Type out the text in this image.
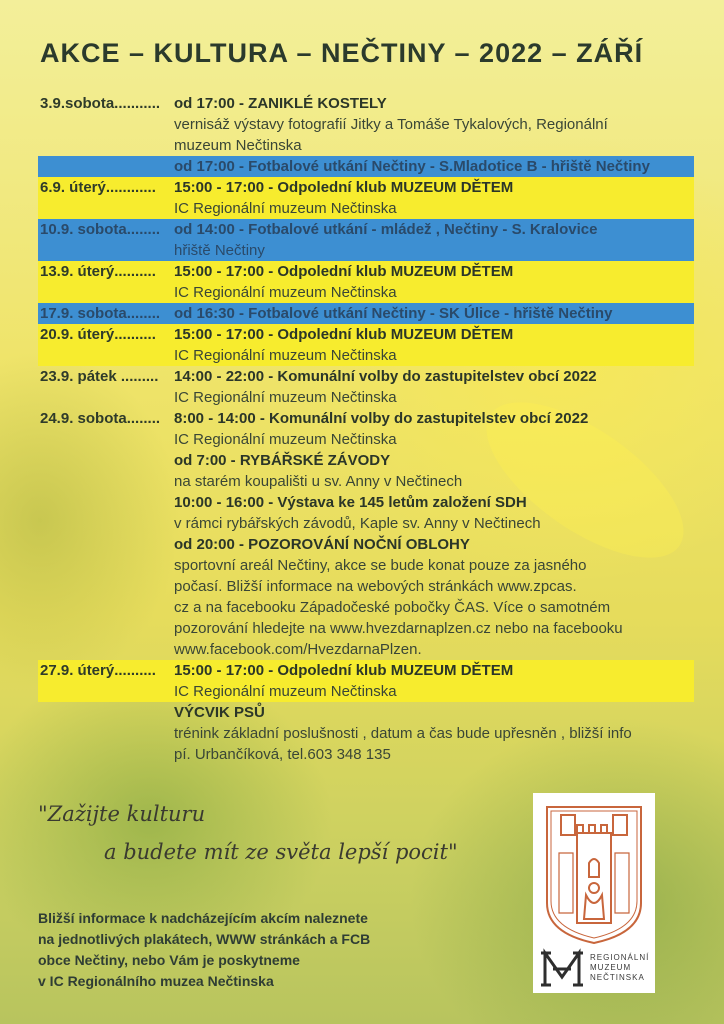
AKCE – KULTURA – NEČTINY – 2022 – ZÁŘÍ
3.9.sobota........... od 17:00 - ZANIKLÉ KOSTELY
vernisáž výstavy fotografií Jitky a Tomáše Tykalových, Regionální
muzeum Nečtinska
od 17:00 - Fotbalové utkání Nečtiny - S.Mladotice B - hřiště Nečtiny
6.9. úterý............	15:00 - 17:00 - Odpolední klub MUZEUM DĚTEM
IC Regionální muzeum Nečtinska
10.9. sobota........ od 14:00 - Fotbalové utkání - mládež , Nečtiny - S. Kralovice
hřiště Nečtiny
13.9. úterý..........	15:00 - 17:00 - Odpolední klub MUZEUM DĚTEM
IC Regionální muzeum Nečtinska
17.9. sobota........ od 16:30 - Fotbalové utkání Nečtiny - SK Úlice - hřiště Nečtiny
20.9. úterý..........	15:00 - 17:00 - Odpolední klub MUZEUM DĚTEM
IC Regionální muzeum Nečtinska
23.9. pátek .........	14:00 - 22:00 - Komunální volby do zastupitelstev obcí 2022
IC Regionální muzeum Nečtinska
24.9. sobota........ 8:00 - 14:00 - Komunální volby do zastupitelstev obcí 2022
IC Regionální muzeum Nečtinska
od 7:00 - RYBÁŘSKÉ ZÁVODY
na starém koupališti u sv. Anny v Nečtinech
10:00 - 16:00 - Výstava ke 145 letům založení SDH
v rámci rybářských závodů, Kaple sv. Anny v Nečtinech
od 20:00 - POZOROVÁNÍ NOČNÍ OBLOHY
sportovní areál Nečtiny, akce se bude konat pouze za jasného
počasí. Bližší informace na webových stránkách www.zpcas.
cz a na facebooku Západočeské pobočky ČAS. Více o samotném
pozorování hledejte na www.hvezdarnaplzen.cz nebo na facebooku
www.facebook.com/HvezdarnaPlzen.
27.9. úterý..........	15:00 - 17:00 - Odpolední klub MUZEUM DĚTEM
IC Regionální muzeum Nečtinska
VÝCVIK PSŮ
trénink základní poslušnosti , datum a čas bude upřesněn , bližší info
pí. Urbančíková, tel.603 348 135
"Zažijte kulturu
a budete mít ze světa lepší pocit"
Bližší informace k nadcházejícím akcím naleznete
na jednotlivých plakátech, WWW stránkách a FCB
obce Nečtiny, nebo Vám je poskytneme
v IC Regionálního muzea Nečtinska
REGIONÁLNÍ
MUZEUM
NEČTINSKA
